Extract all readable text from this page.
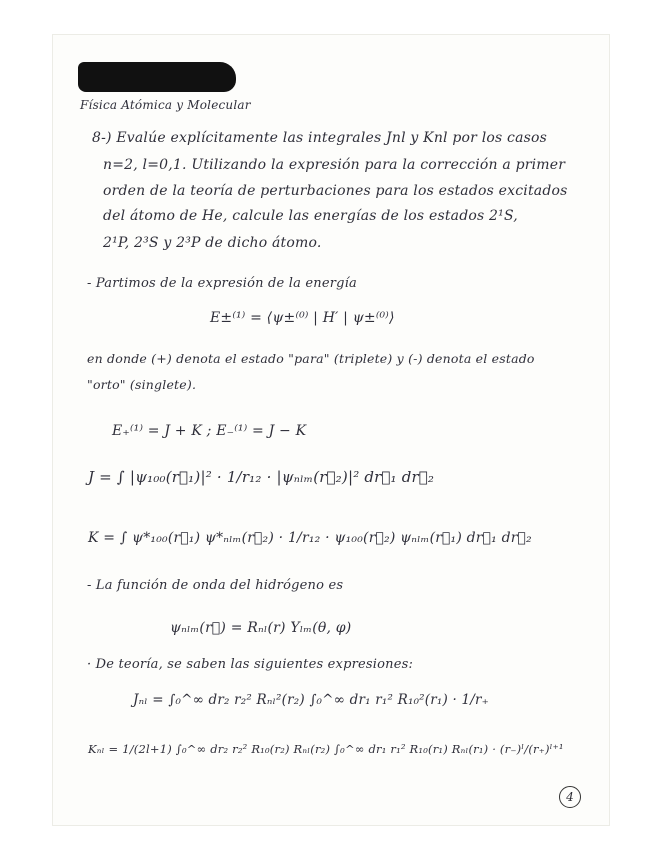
Física Atómica y Molecular
8-) Evalúe explícitamente las integrales Jnl y Knl por los casos
n=2, l=0,1. Utilizando la expresión para la corrección a primer
orden de la teoría de perturbaciones para los estados excitados
del átomo de He, calcule las energías de los estados 2¹S,
2¹P, 2³S y 2³P de dicho átomo.
- Partimos de la expresión de la energía
E±⁽¹⁾ = ⟨ψ±⁽⁰⁾ | H′ | ψ±⁽⁰⁾⟩
en donde (+) denota el estado "para" (triplete) y (-) denota el estado
"orto" (singlete).
E₊⁽¹⁾ = J + K ; E₋⁽¹⁾ = J − K
J = ∫ |ψ₁₀₀(r⃗₁)|² · 1/r₁₂ · |ψₙₗₘ(r⃗₂)|² dr⃗₁ dr⃗₂
K = ∫ ψ*₁₀₀(r⃗₁) ψ*ₙₗₘ(r⃗₂) · 1/r₁₂ · ψ₁₀₀(r⃗₂) ψₙₗₘ(r⃗₁) dr⃗₁ dr⃗₂
- La función de onda del hidrógeno es
ψₙₗₘ(r⃗) = Rₙₗ(r) Yₗₘ(θ, φ)
· De teoría, se saben las siguientes expresiones:
Jₙₗ = ∫₀^∞ dr₂ r₂² Rₙₗ²(r₂) ∫₀^∞ dr₁ r₁² R₁₀²(r₁) · 1/r₊
Kₙₗ = 1/(2l+1) ∫₀^∞ dr₂ r₂² R₁₀(r₂) Rₙₗ(r₂) ∫₀^∞ dr₁ r₁² R₁₀(r₁) Rₙₗ(r₁) · (r₋)ˡ/(r₊)ˡ⁺¹
4
